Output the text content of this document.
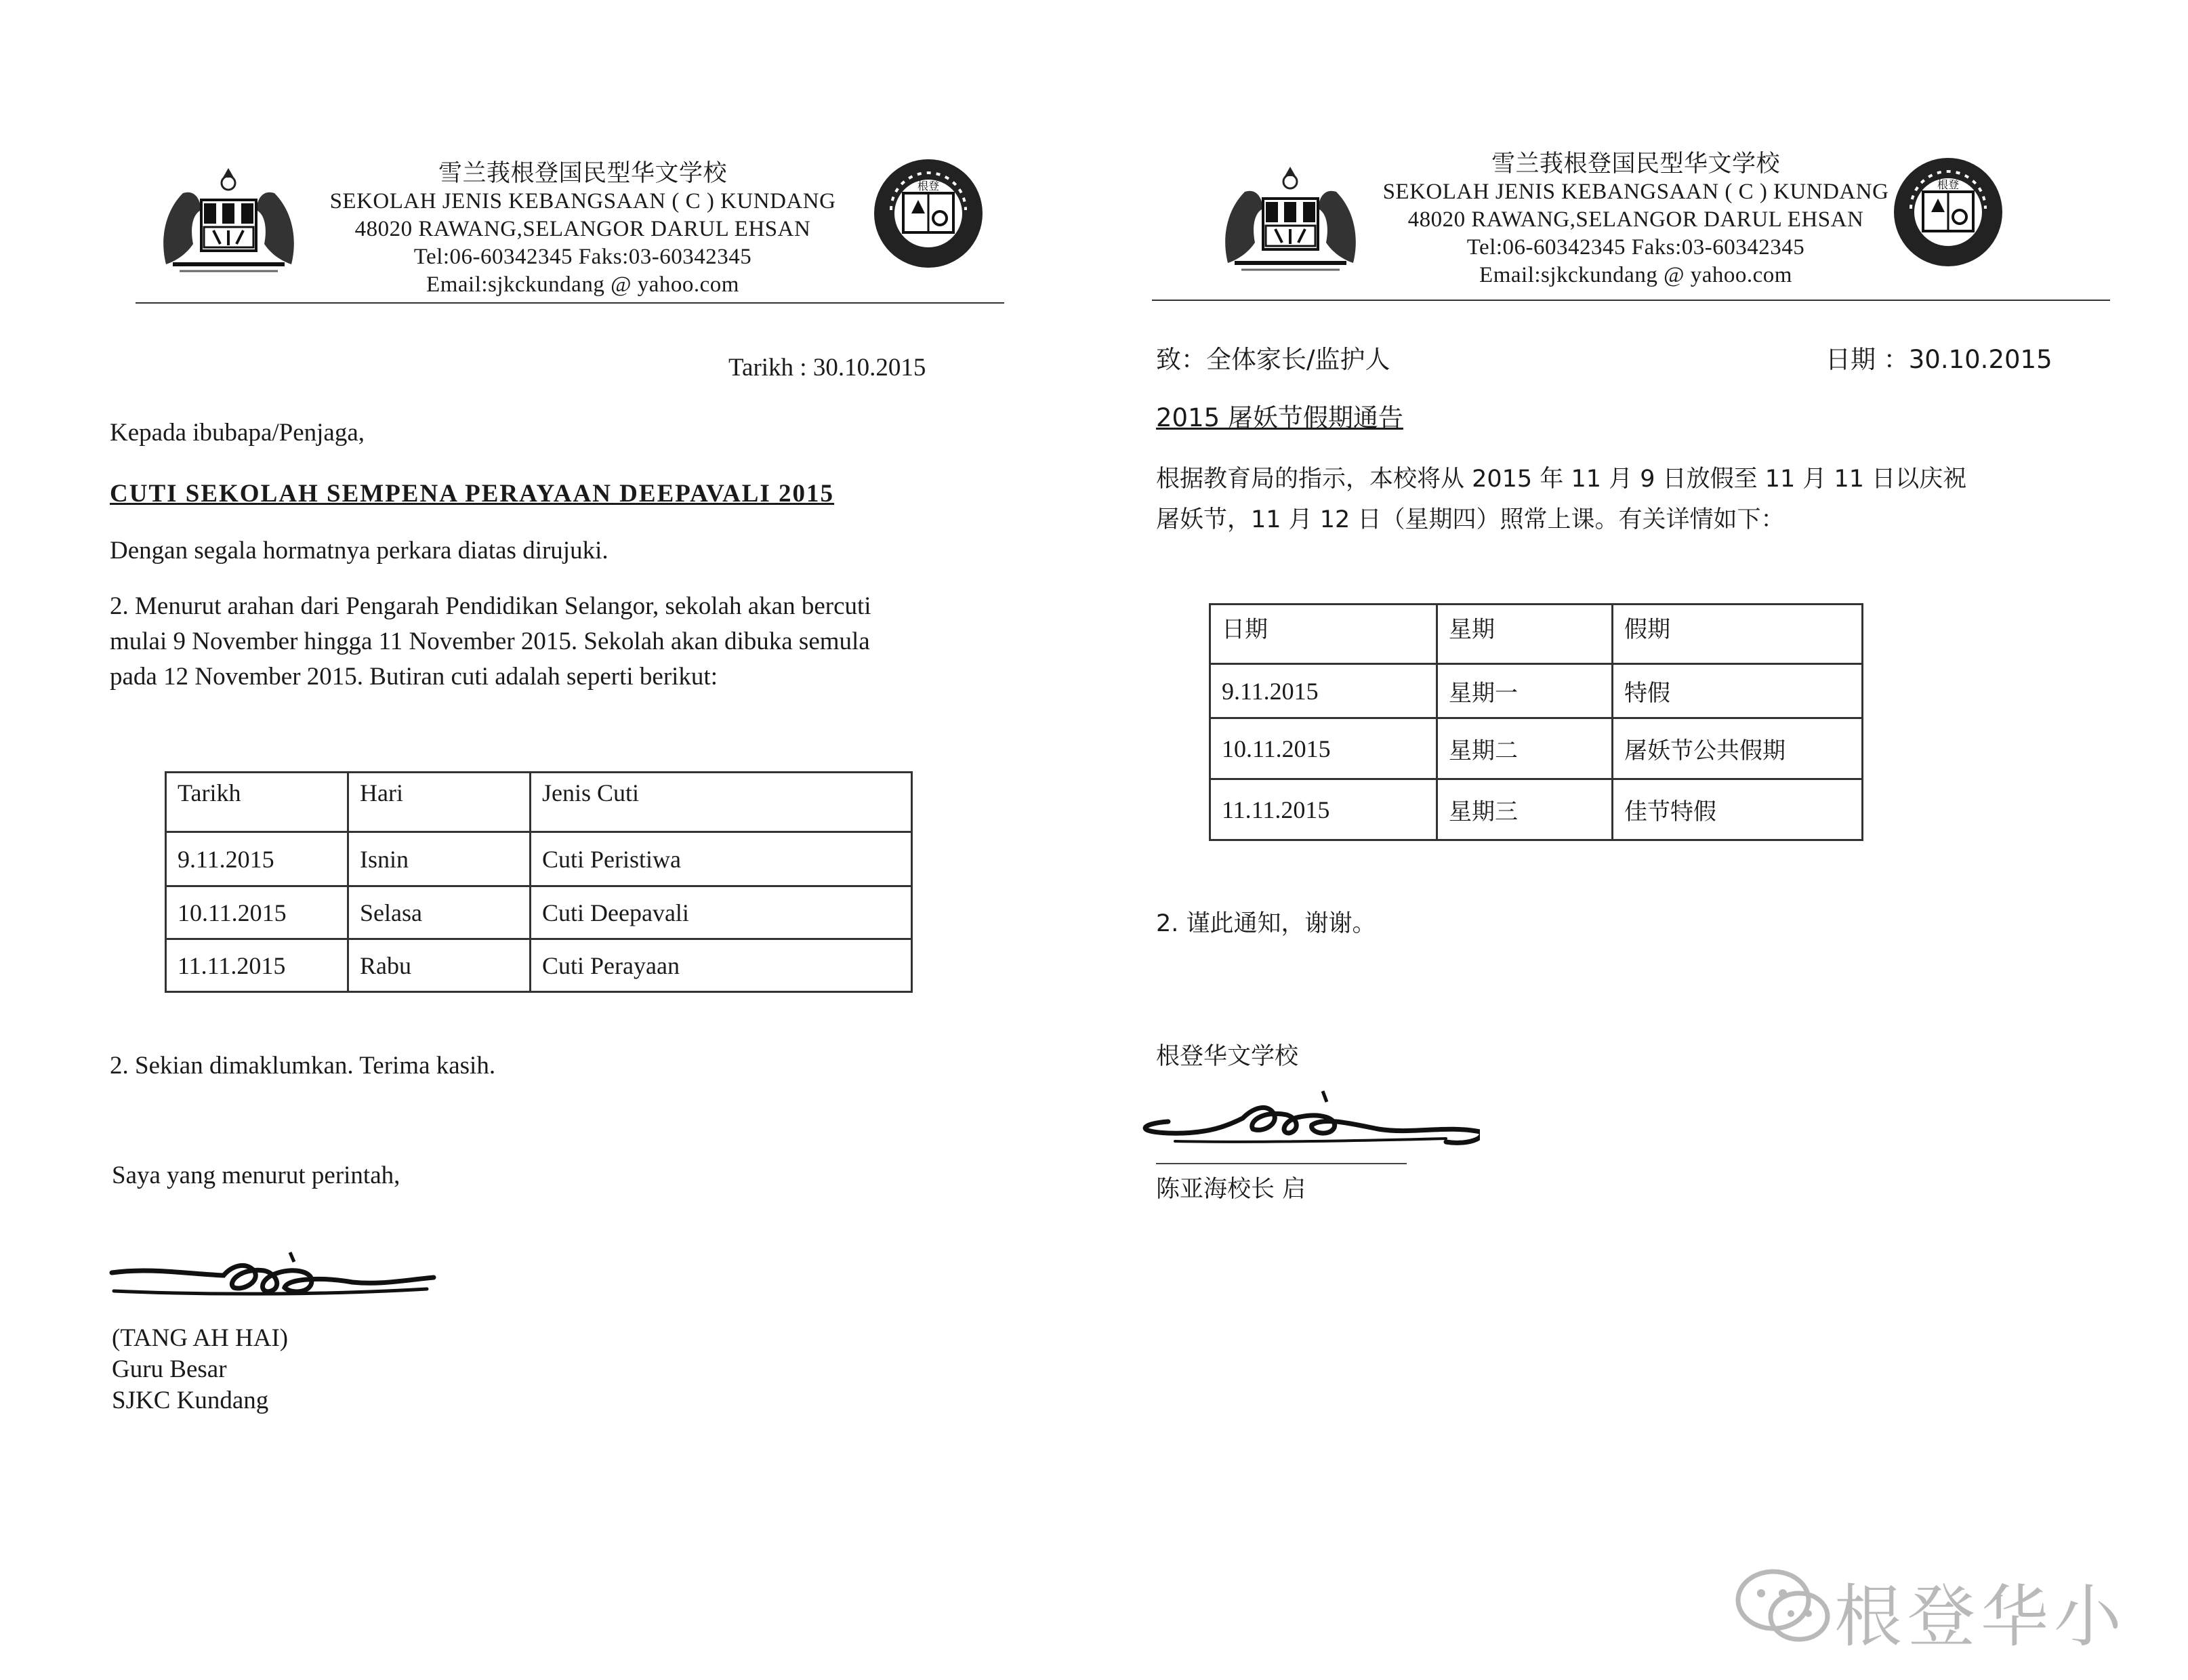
雪兰莪根登国民型华文学校
SEKOLAH JENIS KEBANGSAAN ( C ) KUNDANG
48020 RAWANG,SELANGOR DARUL EHSAN
Tel:06-60342345 Faks:03-60342345
Email:sjkckundang @ yahoo.com
根登
Tarikh : 30.10.2015
Kepada ibubapa/Penjaga,
CUTI SEKOLAH SEMPENA PERAYAAN DEEPAVALI 2015
Dengan segala hormatnya perkara diatas dirujuki.
2. Menurut arahan dari Pengarah Pendidikan Selangor, sekolah akan bercuti
mulai 9 November hingga 11 November 2015. Sekolah akan dibuka semula
pada 12 November 2015. Butiran cuti adalah seperti berikut:
Tarikh	Hari	Jenis Cuti
9.11.2015	Isnin	Cuti Peristiwa
10.11.2015	Selasa	Cuti Deepavali
11.11.2015	Rabu	Cuti Perayaan
2. Sekian dimaklumkan. Terima kasih.
Saya yang menurut perintah,
(TANG AH HAI)
Guru Besar
SJKC Kundang
雪兰莪根登国民型华文学校
SEKOLAH JENIS KEBANGSAAN ( C ) KUNDANG
48020 RAWANG,SELANGOR DARUL EHSAN
Tel:06-60342345 Faks:03-60342345
Email:sjkckundang @ yahoo.com
根登
致：全体家长/监护人	日期 ：30.10.2015
2015 屠妖节假期通告
根据教育局的指示，本校将从 2015 年 11 月 9 日放假至 11 月 11 日以庆祝
屠妖节，11 月 12 日（星期四）照常上课。有关详情如下：
日期	星期	假期
9.11.2015	星期一	特假
10.11.2015	星期二	屠妖节公共假期
11.11.2015	星期三	佳节特假
2. 谨此通知，谢谢。
根登华文学校
陈亚海校长 启
根登华小
